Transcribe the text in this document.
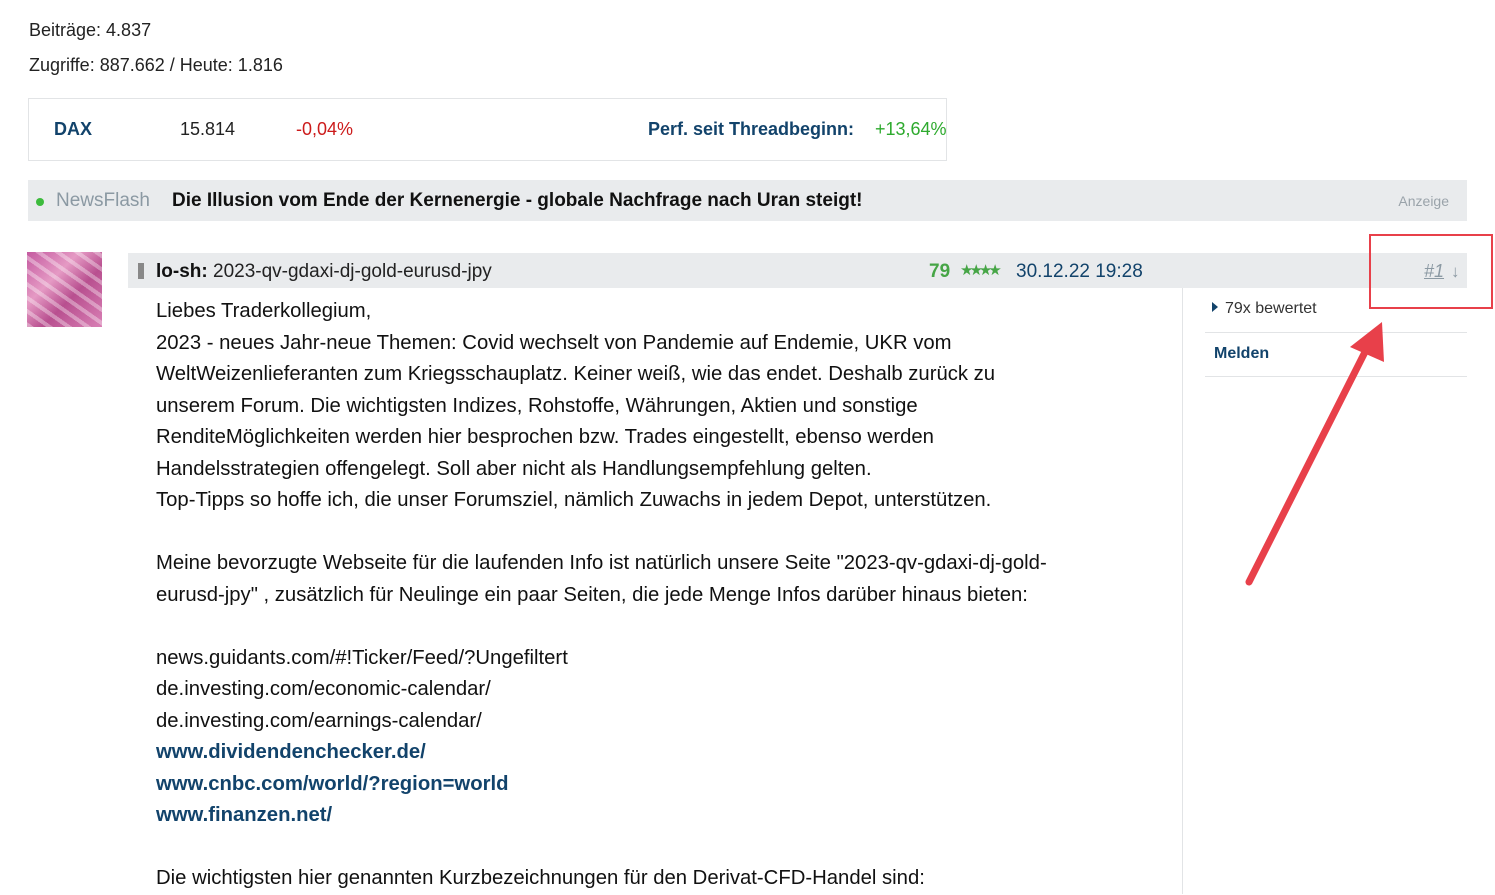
Beiträge: 4.837
Zugriffe: 887.662 / Heute: 1.816
DAX	15.814	-0,04%	Perf. seit Threadbeginn: +13,64%
NewsFlash Die Illusion vom Ende der Kernenergie - globale Nachfrage nach Uran steigt!	Anzeige
lo-sh: 2023-qv-gdaxi-dj-gold-eurusd-jpy	79 ★★★★ 30.12.22 19:28	#1 ↓

Liebes Traderkollegium,

2023 - neues Jahr-neue Themen: Covid wechselt von Pandemie auf Endemie, UKR vom

WeltWeizenlieferanten zum Kriegsschauplatz. Keiner weiß, wie das endet. Deshalb zurück zu

unserem Forum. Die wichtigsten Indizes, Rohstoffe, Währungen, Aktien und sonstige

RenditeMöglichkeiten werden hier besprochen bzw. Trades eingestellt, ebenso werden

Handelsstrategien offengelegt. Soll aber nicht als Handlungsempfehlung gelten.

Top-Tipps so hoffe ich, die unser Forumsziel, nämlich Zuwachs in jedem Depot, unterstützen.

Meine bevorzugte Webseite für die laufenden Info ist natürlich unsere Seite "2023-qv-gdaxi-dj-gold-

eurusd-jpy" , zusätzlich für Neulinge ein paar Seiten, die jede Menge Infos darüber hinaus bieten:

news.guidants.com/#!Ticker/Feed/?Ungefiltert

de.investing.com/economic-calendar/

de.investing.com/earnings-calendar/

www.dividendenchecker.de/

www.cnbc.com/world/?region=world

www.finanzen.net/

Die wichtigsten hier genannten Kurzbezeichnungen für den Derivat-CFD-Handel sind:

79x bewertet
Melden
